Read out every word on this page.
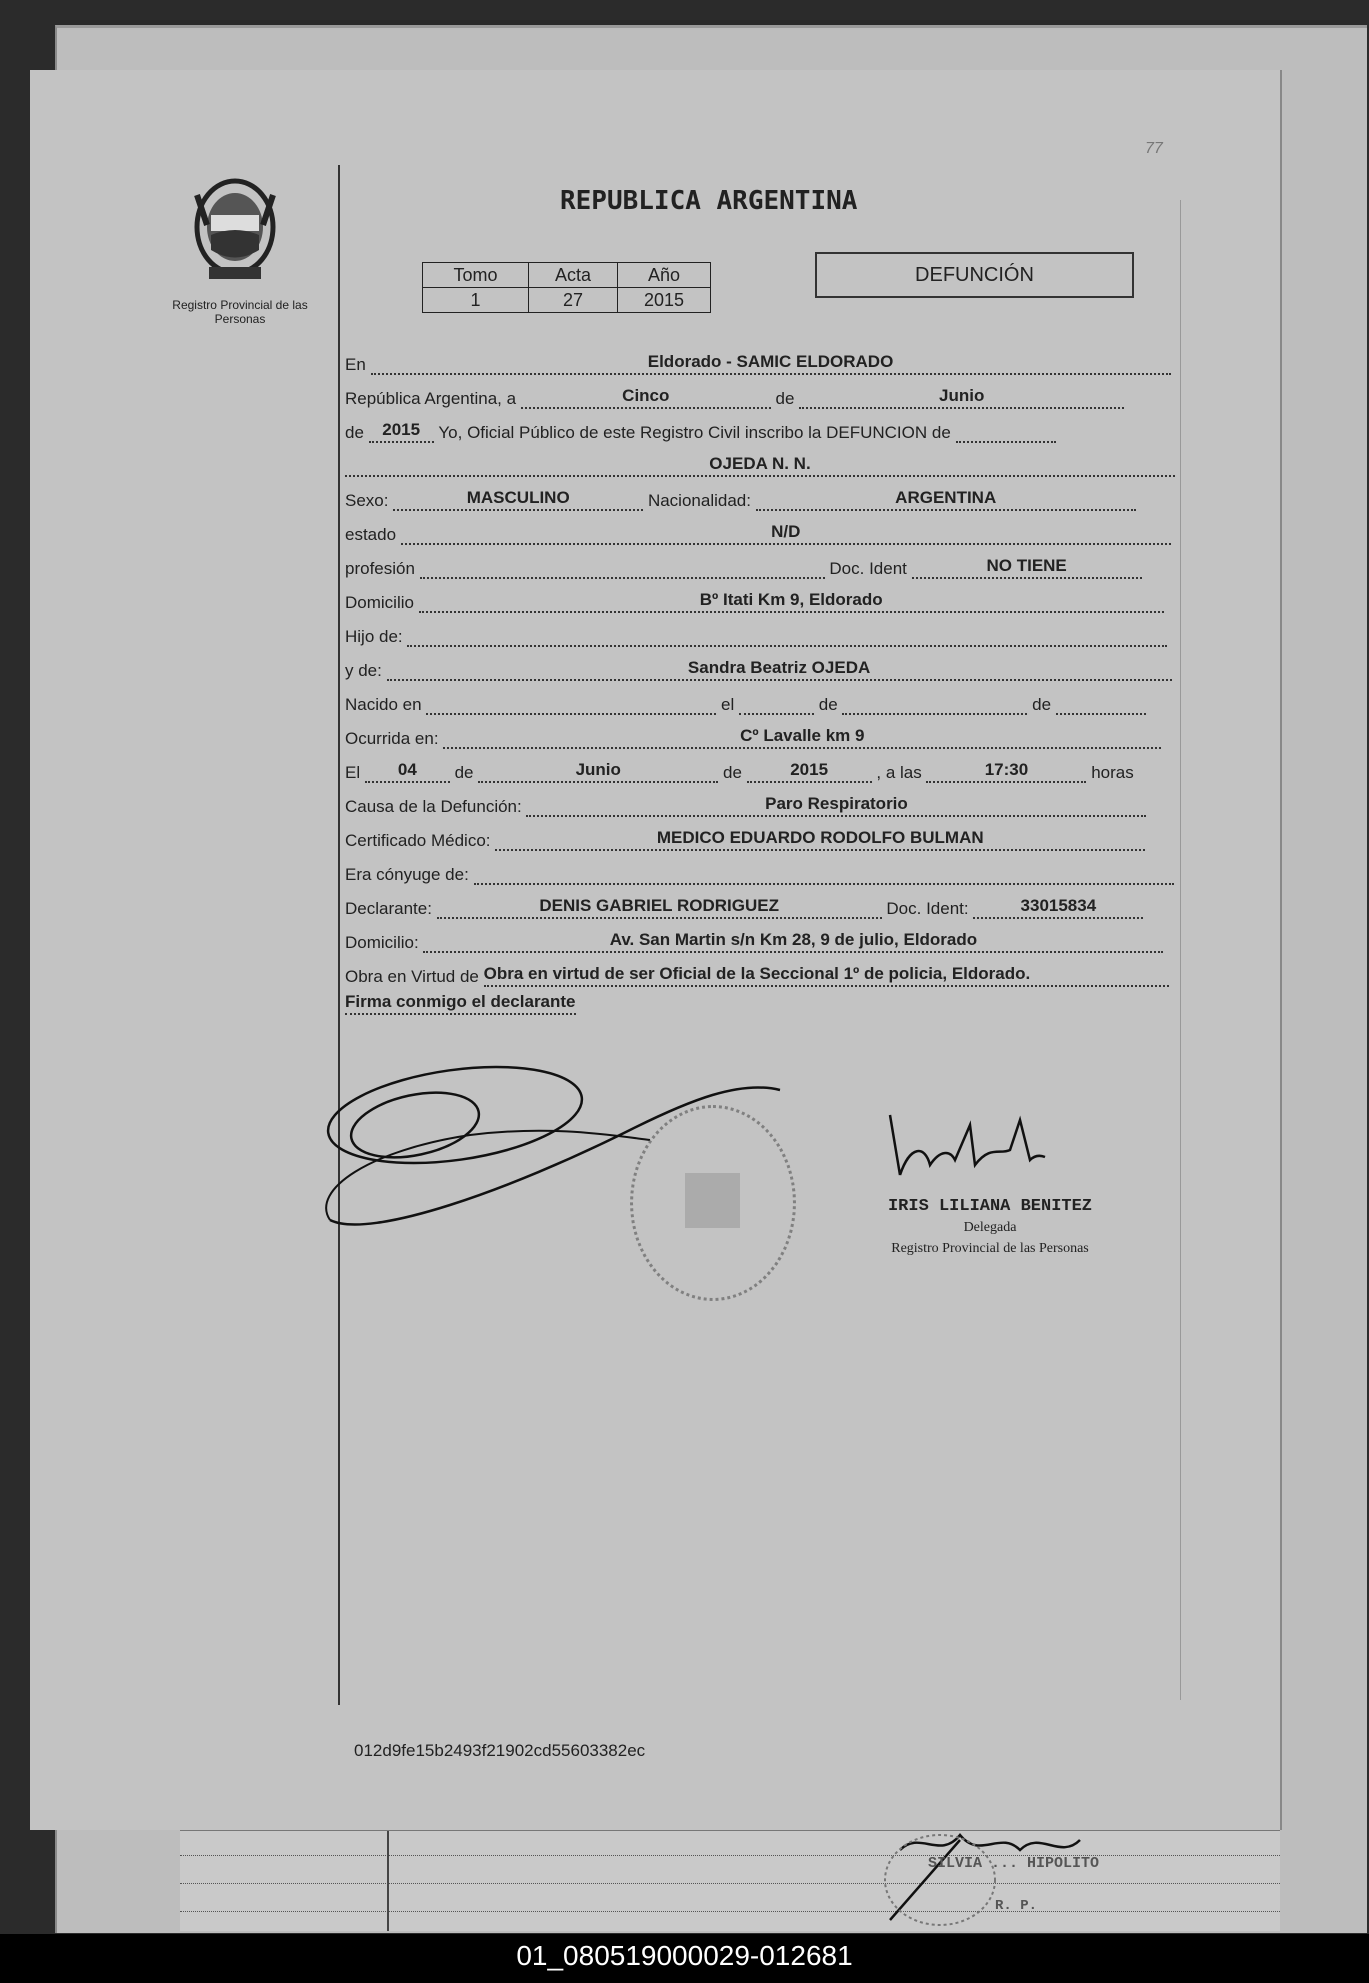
Registro Provincial de las Personas
77
REPUBLICA ARGENTINA
Tomo	Acta	Año
1	27	2015
DEFUNCIÓN
En	Eldorado - SAMIC ELDORADO
República Argentina, a	Cinco	de	Junio
de 2015 Yo, Oficial Público de este Registro Civil inscribo la DEFUNCION de
OJEDA N. N.
Sexo:	MASCULINO	Nacionalidad:	ARGENTINA
estado	N/D
profesión	Doc. Ident	NO TIENE
Domicilio	Bº Itati Km 9, Eldorado
Hijo de:
y de:	Sandra Beatriz OJEDA
Nacido en	el	de	de
Ocurrida en:	Cº Lavalle km 9
El 04 de	Junio	de	2015	, a las	17:30	horas
Causa de la Defunción:	Paro Respiratorio
Certificado Médico:	MEDICO EDUARDO RODOLFO BULMAN
Era cónyuge de:
Declarante:	DENIS GABRIEL RODRIGUEZ	Doc. Ident:	33015834
Domicilio:	Av. San Martin s/n Km 28, 9 de julio, Eldorado
Obra en Virtud de Obra en virtud de ser Oficial de la Seccional 1º de policia, Eldorado.
Firma conmigo el declarante
IRIS LILIANA BENITEZ
Delegada
Registro Provincial de las Personas
012d9fe15b2493f21902cd55603382ec
SILVIA ... HIPOLITO
R. P.
01_080519000029-012681
